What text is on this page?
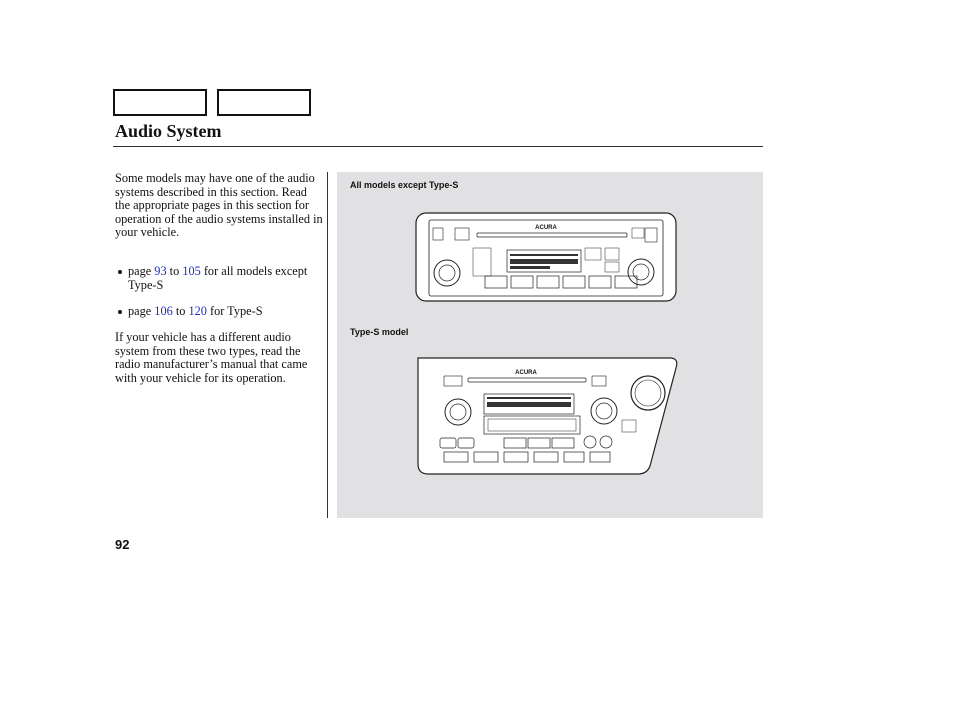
Audio System
Some models may have one of the audio systems described in this section. Read the appropriate pages in this section for operation of the audio systems installed in your vehicle.
page 93 to 105 for all models except Type-S
page 106 to 120 for Type-S
If your vehicle has a different audio system from these two types, read the radio manufacturer’s manual that came with your vehicle for its operation.
All models except Type-S
Type-S model
ACURA
ACURA
92
